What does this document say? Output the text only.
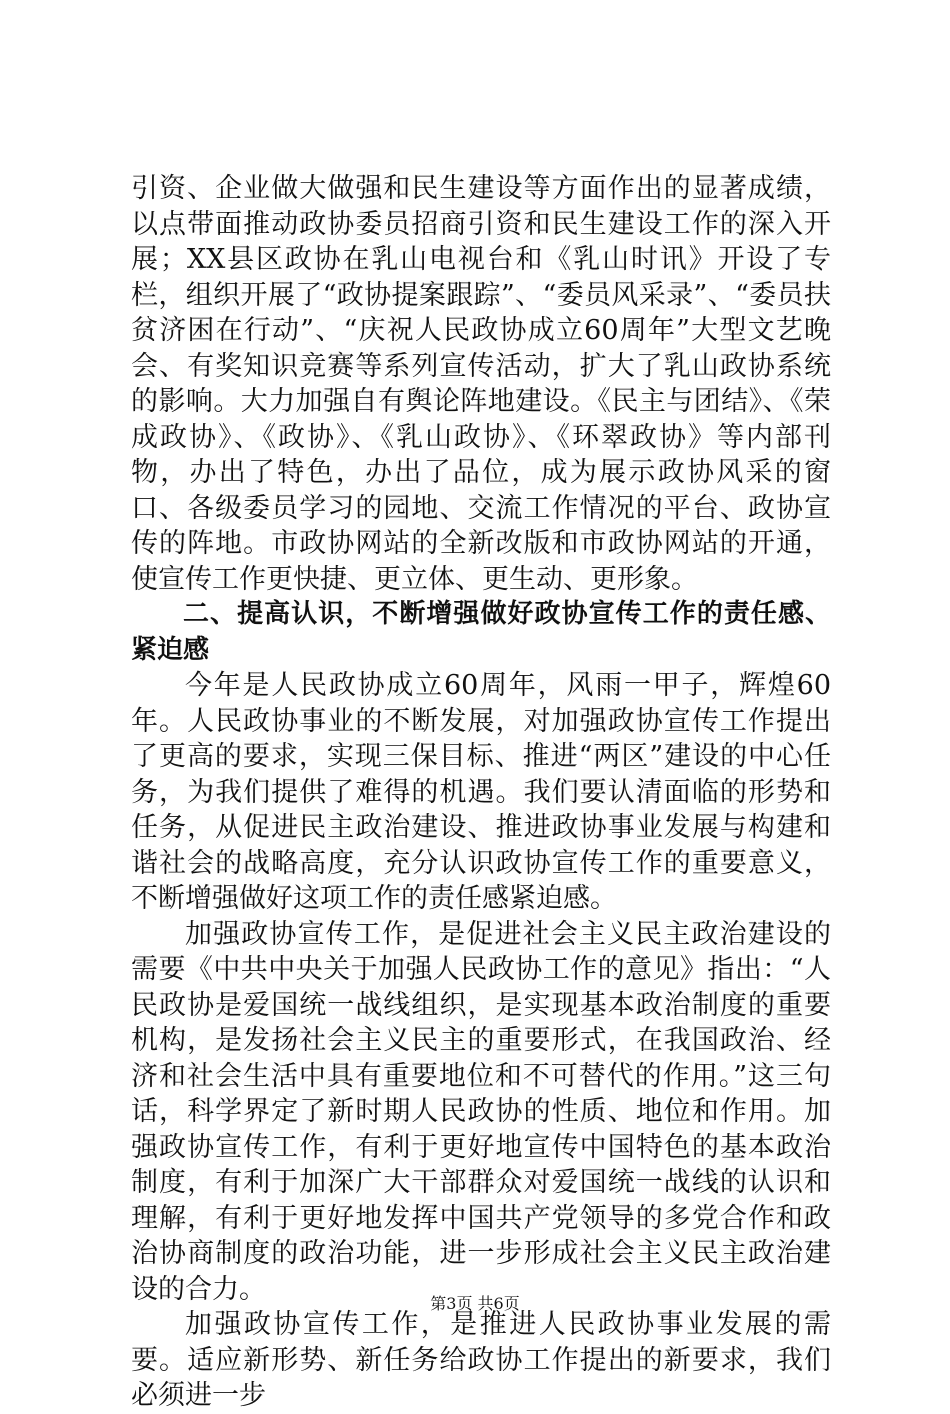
引资、企业做大做强和民生建设等方面作出的显著成绩，以点带面推动政协委员招商引资和民生建设工作的深入开展；XX县区政协在乳山电视台和《乳山时讯》开设了专栏，组织开展了“政协提案跟踪”、“委员风采录”、“委员扶贫济困在行动”、“庆祝人民政协成立60周年”大型文艺晚会、有奖知识竞赛等系列宣传活动，扩大了乳山政协系统的影响。大力加强自有舆论阵地建设。《民主与团结》、《荣成政协》、《政协》、《乳山政协》、《环翠政协》等内部刊物，办出了特色，办出了品位，成为展示政协风采的窗口、各级委员学习的园地、交流工作情况的平台、政协宣传的阵地。市政协网站的全新改版和市政协网站的开通，使宣传工作更快捷、更立体、更生动、更形象。

二、提高认识，不断增强做好政协宣传工作的责任感、紧迫感

今年是人民政协成立60周年，风雨一甲子，辉煌60年。人民政协事业的不断发展，对加强政协宣传工作提出了更高的要求，实现三保目标、推进“两区”建设的中心任务，为我们提供了难得的机遇。我们要认清面临的形势和任务，从促进民主政治建设、推进政协事业发展与构建和谐社会的战略高度，充分认识政协宣传工作的重要意义，不断增强做好这项工作的责任感紧迫感。

加强政协宣传工作，是促进社会主义民主政治建设的需要《中共中央关于加强人民政协工作的意见》指出：“人民政协是爱国统一战线组织，是实现基本政治制度的重要机构，是发扬社会主义民主的重要形式，在我国政治、经济和社会生活中具有重要地位和不可替代的作用。”这三句话，科学界定了新时期人民政协的性质、地位和作用。加强政协宣传工作，有利于更好地宣传中国特色的基本政治制度，有利于加深广大干部群众对爱国统一战线的认识和理解，有利于更好地发挥中国共产党领导的多党合作和政治协商制度的政治功能，进一步形成社会主义民主政治建设的合力。

加强政协宣传工作，是推进人民政协事业发展的需要。适应新形势、新任务给政协工作提出的新要求，我们必须进一步

第3页 共6页
